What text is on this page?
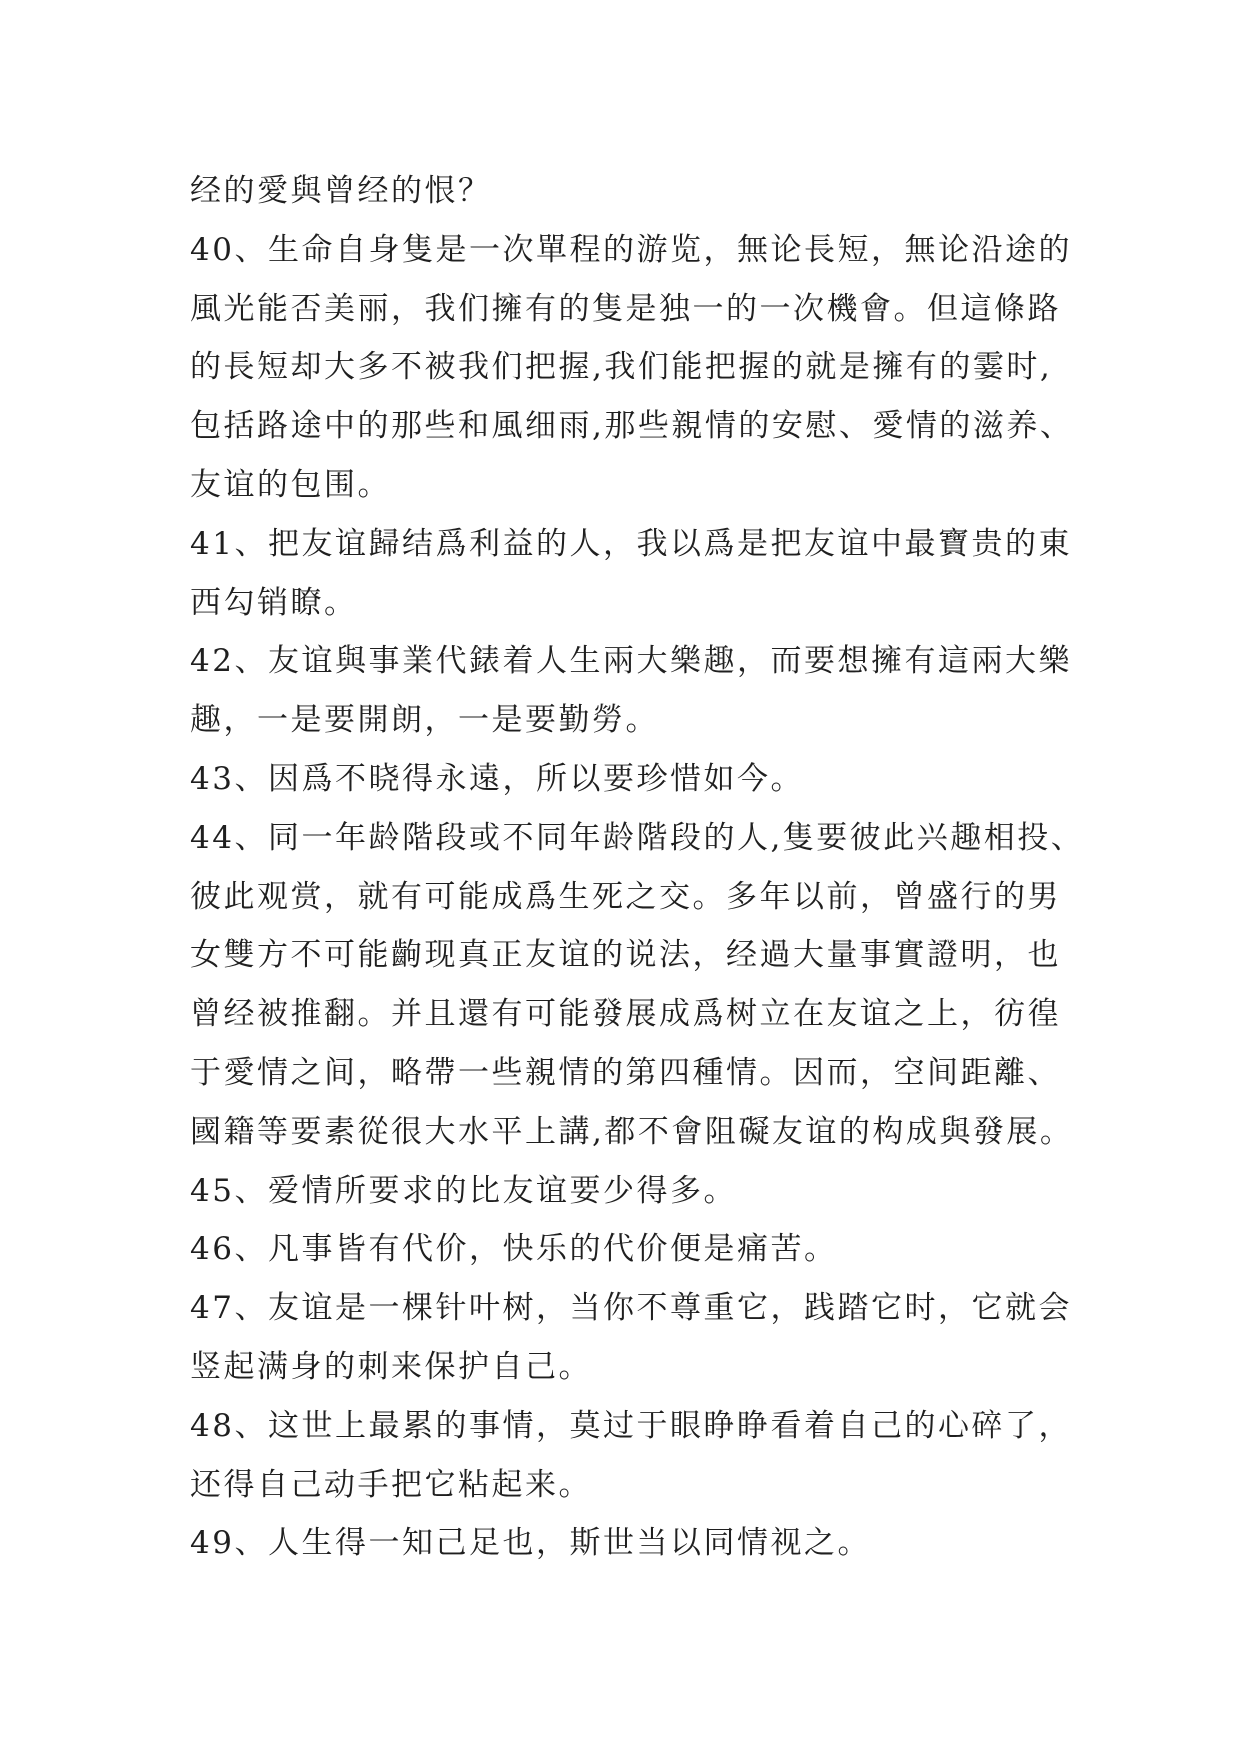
经的愛與曾经的恨？
40、生命自身隻是一次單程的游览，無论長短，無论沿途的
風光能否美丽，我们擁有的隻是独一的一次機會。但這條路
的長短却大多不被我们把握,我们能把握的就是擁有的霎时,
包括路途中的那些和風细雨,那些親情的安慰、愛情的滋养、
友谊的包围。
41、把友谊歸结爲利益的人，我以爲是把友谊中最寶贵的東
西勾销瞭。
42、友谊與事業代錶着人生兩大樂趣，而要想擁有這兩大樂
趣，一是要開朗，一是要勤勞。
43、因爲不晓得永遠，所以要珍惜如今。
44、同一年龄階段或不同年龄階段的人,隻要彼此兴趣相投、
彼此观赏，就有可能成爲生死之交。多年以前，曾盛行的男
女雙方不可能齣现真正友谊的说法，经過大量事實證明，也
曾经被推翻。并且還有可能發展成爲树立在友谊之上，彷徨
于愛情之间，略帶一些親情的第四種情。因而，空间距離、
國籍等要素從很大水平上講,都不會阻礙友谊的构成與發展。
45、爱情所要求的比友谊要少得多。
46、凡事皆有代价，快乐的代价便是痛苦。
47、友谊是一棵针叶树，当你不尊重它，践踏它时，它就会
竖起满身的刺来保护自己。
48、这世上最累的事情，莫过于眼睁睁看着自己的心碎了，
还得自己动手把它粘起来。
49、人生得一知己足也，斯世当以同情视之。
